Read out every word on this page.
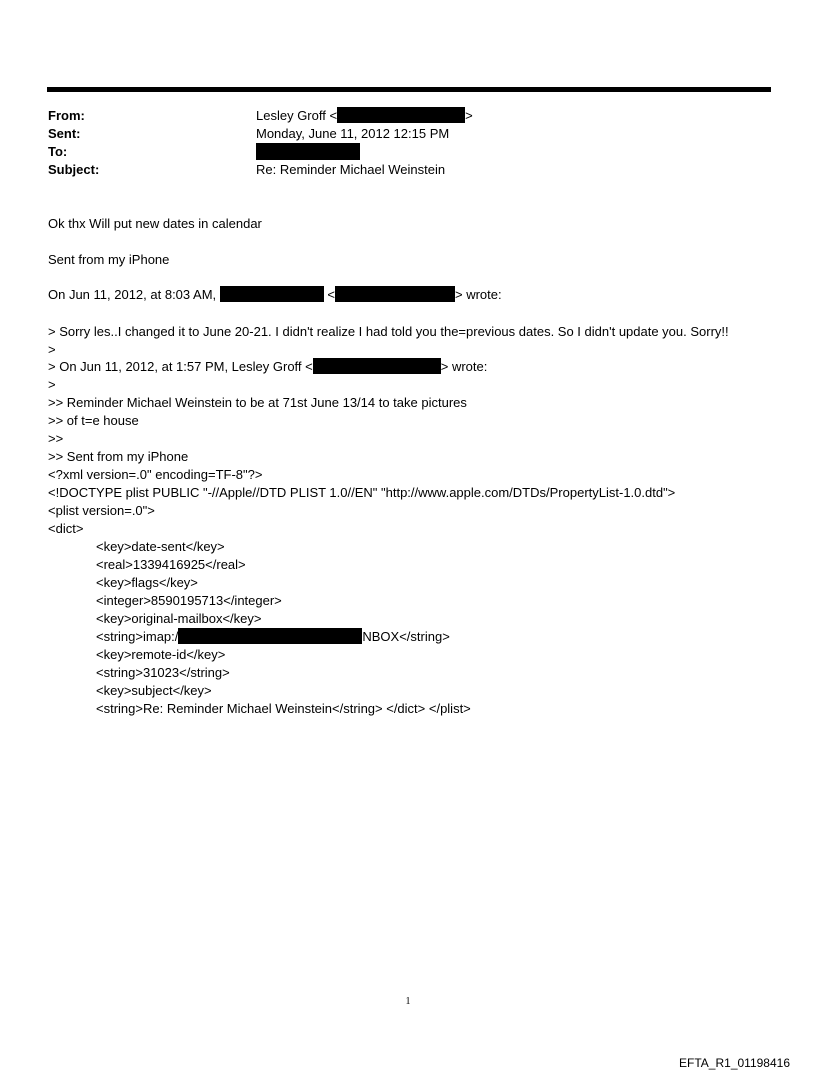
From:	Lesley Groff <	>
Sent:	Monday, June 11, 2012 12:15 PM
To:
Subject:	Re: Reminder Michael Weinstein
Ok thx Will put new dates in calendar
Sent from my iPhone
On Jun 11, 2012, at 8:03 AM,	<	> wrote:
> Sorry les..I changed it to June 20-21. I didn't realize I had told you the=previous dates. So I didn't update you. Sorry!!
>
> On Jun 11, 2012, at 1:57 PM, Lesley Groff <	> wrote:
>
>> Reminder Michael Weinstein to be at 71st June 13/14 to take pictures
>> of t=e house
>>
>> Sent from my iPhone
<?xml version=.0" encoding=TF-8"?>
<!DOCTYPE plist PUBLIC "-//Apple//DTD PLIST 1.0//EN" "http://www.apple.com/DTDs/PropertyList-1.0.dtd">
<plist version=.0">
<dict>
<key>date-sent</key>
<real>1339416925</real>
<key>flags</key>
<integer>8590195713</integer>
<key>original-mailbox</key>
<string>imap:/	NBOX</string>
<key>remote-id</key>
<string>31023</string>
<key>subject</key>
<string>Re: Reminder Michael Weinstein</string> </dict> </plist>
1
EFTA_R1_01198416
